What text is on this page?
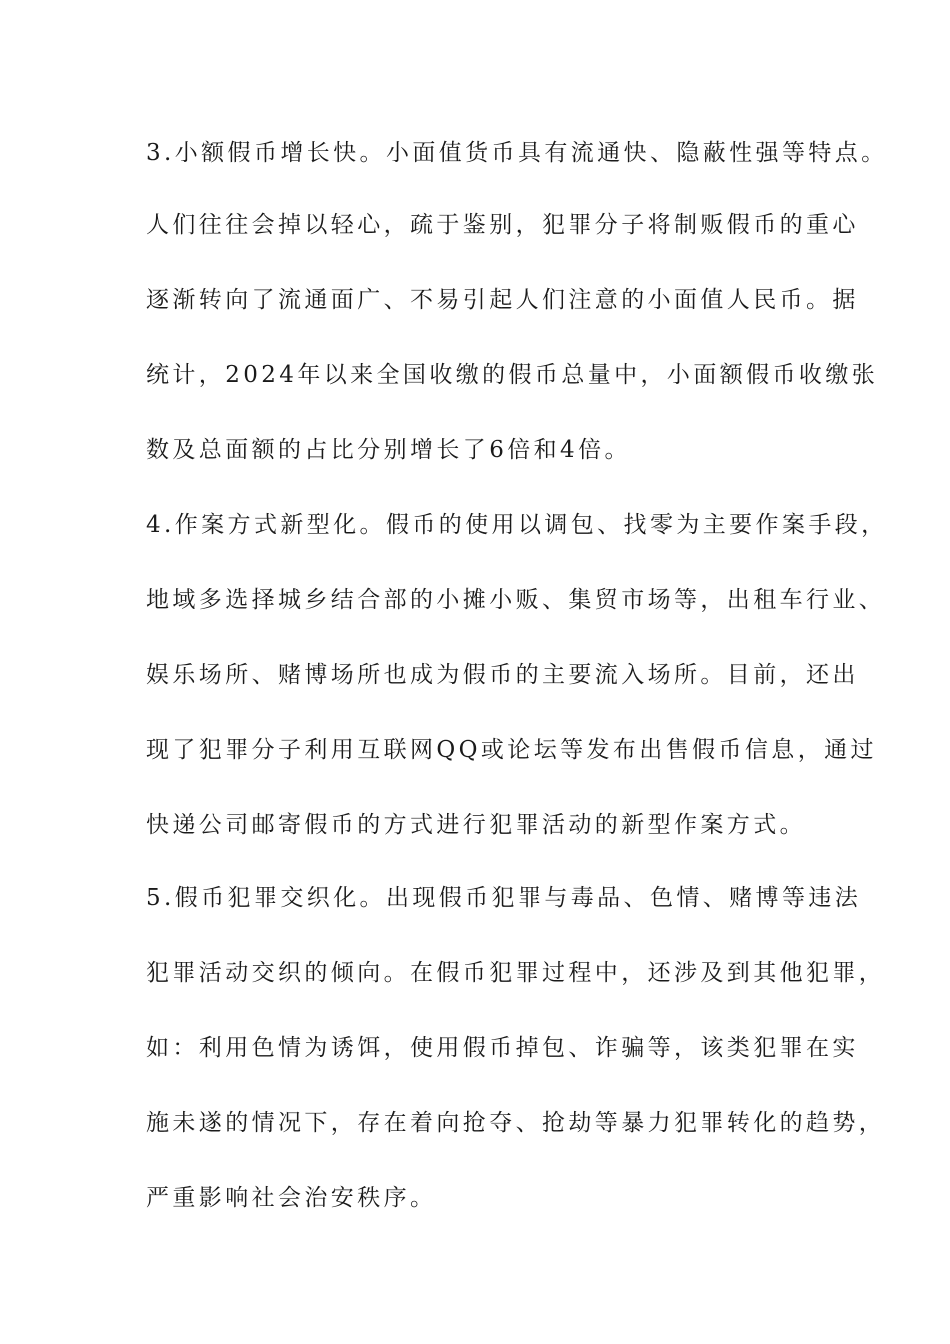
3.小额假币增长快。小面值货币具有流通快、隐蔽性强等特点。
人们往往会掉以轻心，疏于鉴别，犯罪分子将制贩假币的重心
逐渐转向了流通面广、不易引起人们注意的小面值人民币。据
统计，2024年以来全国收缴的假币总量中，小面额假币收缴张
数及总面额的占比分别增长了6倍和4倍。
4.作案方式新型化。假币的使用以调包、找零为主要作案手段，
地域多选择城乡结合部的小摊小贩、集贸市场等，出租车行业、
娱乐场所、赌博场所也成为假币的主要流入场所。目前，还出
现了犯罪分子利用互联网QQ或论坛等发布出售假币信息，通过
快递公司邮寄假币的方式进行犯罪活动的新型作案方式。
5.假币犯罪交织化。出现假币犯罪与毒品、色情、赌博等违法
犯罪活动交织的倾向。在假币犯罪过程中，还涉及到其他犯罪，
如：利用色情为诱饵，使用假币掉包、诈骗等，该类犯罪在实
施未遂的情况下，存在着向抢夺、抢劫等暴力犯罪转化的趋势，
严重影响社会治安秩序。
